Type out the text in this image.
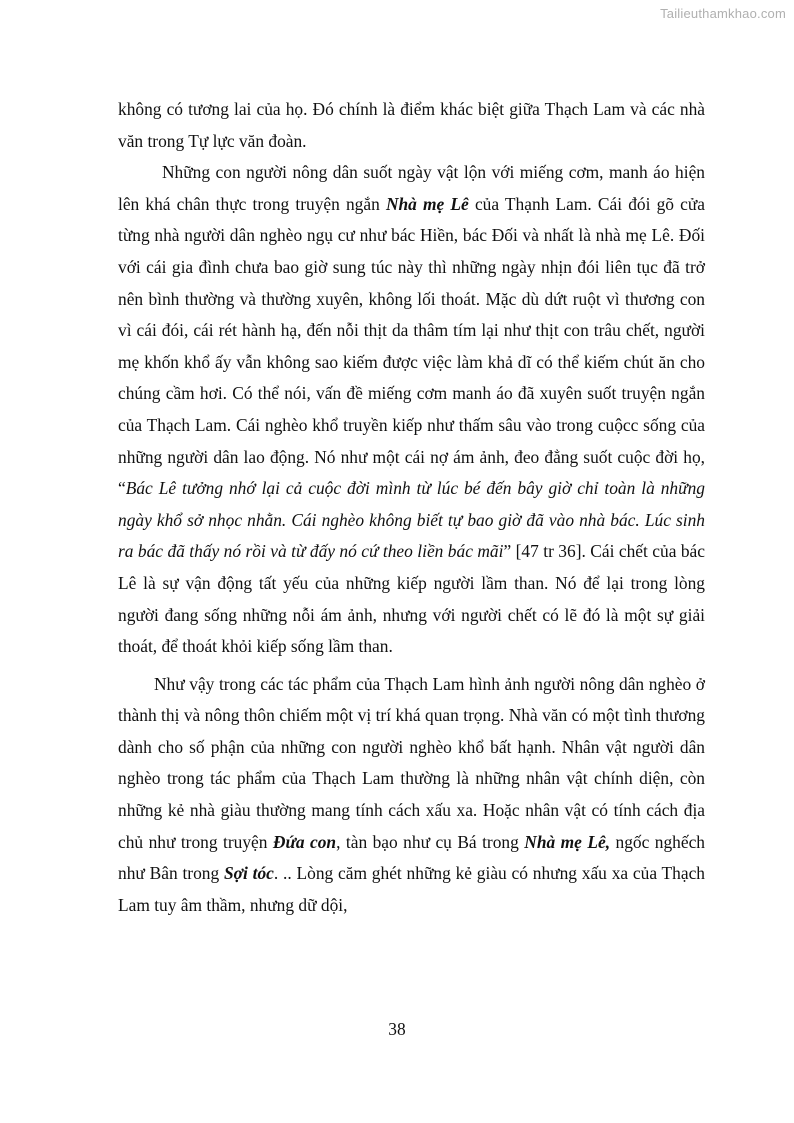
Tailieuthamkhao.com

không có tương lai của họ. Đó chính là điểm khác biệt giữa Thạch Lam và các nhà văn trong Tự lực văn đoàn.

Những con người nông dân suốt ngày vật lộn với miếng cơm, manh áo hiện lên khá chân thực trong truyện ngắn Nhà mẹ Lê của Thạnh Lam. Cái đói gõ cửa từng nhà người dân nghèo ngụ cư như bác Hiền, bác Đối và nhất là nhà mẹ Lê. Đối với cái gia đình chưa bao giờ sung túc này thì những ngày nhịn đói liên tục đã trở nên bình thường và thường xuyên, không lối thoát. Mặc dù dứt ruột vì thương con vì cái đói, cái rét hành hạ, đến nỗi thịt da thâm tím lại như thịt con trâu chết, người mẹ khốn khổ ấy vẫn không sao kiếm được việc làm khả dĩ có thể kiếm chút ăn cho chúng cầm hơi. Có thể nói, vấn đề miếng cơm manh áo đã xuyên suốt truyện ngắn của Thạch Lam. Cái nghèo khổ truyền kiếp như thấm sâu vào trong cuộcc sống của những người dân lao động. Nó như một cái nợ ám ảnh, đeo đẳng suốt cuộc đời họ, “Bác Lê tưởng nhớ lại cả cuộc đời mình từ lúc bé đến bây giờ chỉ toàn là những ngày khổ sở nhọc nhằn. Cái nghèo không biết tự bao giờ đã vào nhà bác. Lúc sinh ra bác đã thấy nó rồi và từ đấy nó cứ theo liền bác mãi” [47 tr 36]. Cái chết của bác Lê là sự vận động tất yếu của những kiếp người lầm than. Nó để lại trong lòng người đang sống những nỗi ám ảnh, nhưng với người chết có lẽ đó là một sự giải thoát, để thoát khỏi kiếp sống lầm than.

Như vậy trong các tác phẩm của Thạch Lam hình ảnh người nông dân nghèo ở thành thị và nông thôn chiếm một vị trí khá quan trọng. Nhà văn có một tình thương dành cho số phận của những con người nghèo khổ bất hạnh. Nhân vật người dân nghèo trong tác phẩm của Thạch Lam thường là những nhân vật chính diện, còn những kẻ nhà giàu thường mang tính cách xấu xa. Hoặc nhân vật có tính cách địa chủ như trong truyện Đứa con, tàn bạo như cụ Bá trong Nhà mẹ Lê, ngốc nghếch như Bân trong Sợi tóc. .. Lòng căm ghét những kẻ giàu có nhưng xấu xa của Thạch Lam tuy âm thầm, nhưng dữ dội,

38
